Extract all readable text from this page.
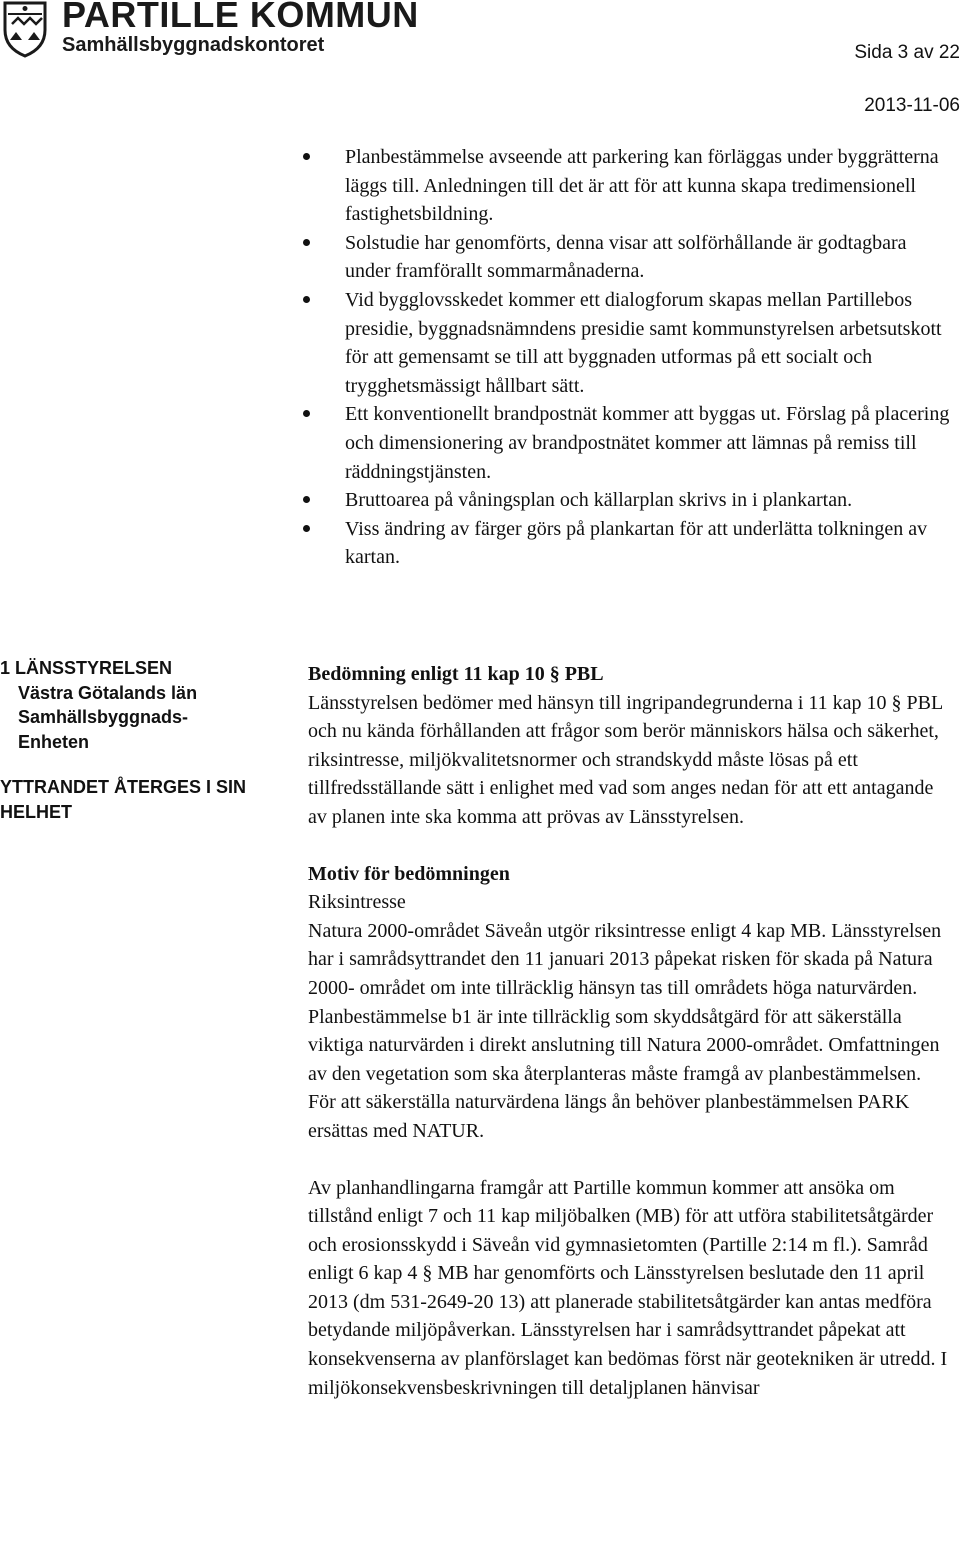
PARTILLE KOMMUN
Samhällsbyggnadskontoret	Sida 3 av 22
2013-11-06
Planbestämmelse avseende att parkering kan förläggas under byggrätterna läggs till. Anledningen till det är att för att kunna skapa tredimensionell fastighetsbildning.
Solstudie har genomförts, denna visar att solförhållande är godtagbara under framförallt sommarmånaderna.
Vid bygglovsskedet kommer ett dialogforum skapas mellan Partillebos presidie, byggnadsnämndens presidie samt kommunstyrelsen arbetsutskott för att gemensamt se till att byggnaden utformas på ett socialt och trygghetsmässigt hållbart sätt.
Ett konventionellt brandpostnät kommer att byggas ut. Förslag på placering och dimensionering av brandpostnätet kommer att lämnas på remiss till räddningstjänsten.
Bruttoarea på våningsplan och källarplan skrivs in i plankartan.
Viss ändring av färger görs på plankartan för att underlätta tolkningen av kartan.
1 LÄNSSTYRELSEN
Västra Götalands län
Samhällsbyggnads-
Enheten
YTTRANDET ÅTERGES I SIN HELHET
Bedömning enligt 11 kap 10 § PBL

Länsstyrelsen bedömer med hänsyn till ingripandegrunderna i 11 kap 10 § PBL och nu kända förhållanden att frågor som berör människors hälsa och säkerhet, riksintresse, miljökvalitetsnormer och strandskydd måste lösas på ett tillfredsställande sätt i enlighet med vad som anges nedan för att ett antagande av planen inte ska komma att prövas av Länsstyrelsen.

Motiv för bedömningen

Riksintresse

Natura 2000-området Säveån utgör riksintresse enligt 4 kap MB. Länsstyrelsen har i samrådsyttrandet den 11 januari 2013 påpekat risken för skada på Natura 2000- området om inte tillräcklig hänsyn tas till områdets höga naturvärden. Planbestämmelse b1 är inte tillräcklig som skyddsåtgärd för att säkerställa viktiga naturvärden i direkt anslutning till Natura 2000-området. Omfattningen av den vegetation som ska återplanteras måste framgå av planbestämmelsen. För att säkerställa naturvärdena längs ån behöver planbestämmelsen PARK ersättas med NATUR.

Av planhandlingarna framgår att Partille kommun kommer att ansöka om tillstånd enligt 7 och 11 kap miljöbalken (MB) för att utföra stabilitetsåtgärder och erosionsskydd i Säveån vid gymnasietomten (Partille 2:14 m fl.). Samråd enligt 6 kap 4 § MB har genomförts och Länsstyrelsen beslutade den 11 april 2013 (dm 531-2649-20 13) att planerade stabilitetsåtgärder kan antas medföra betydande miljöpåverkan. Länsstyrelsen har i samrådsyttrandet påpekat att konsekvenserna av planförslaget kan bedömas först när geotekniken är utredd. I miljökonsekvensbeskrivningen till detaljplanen hänvisar
